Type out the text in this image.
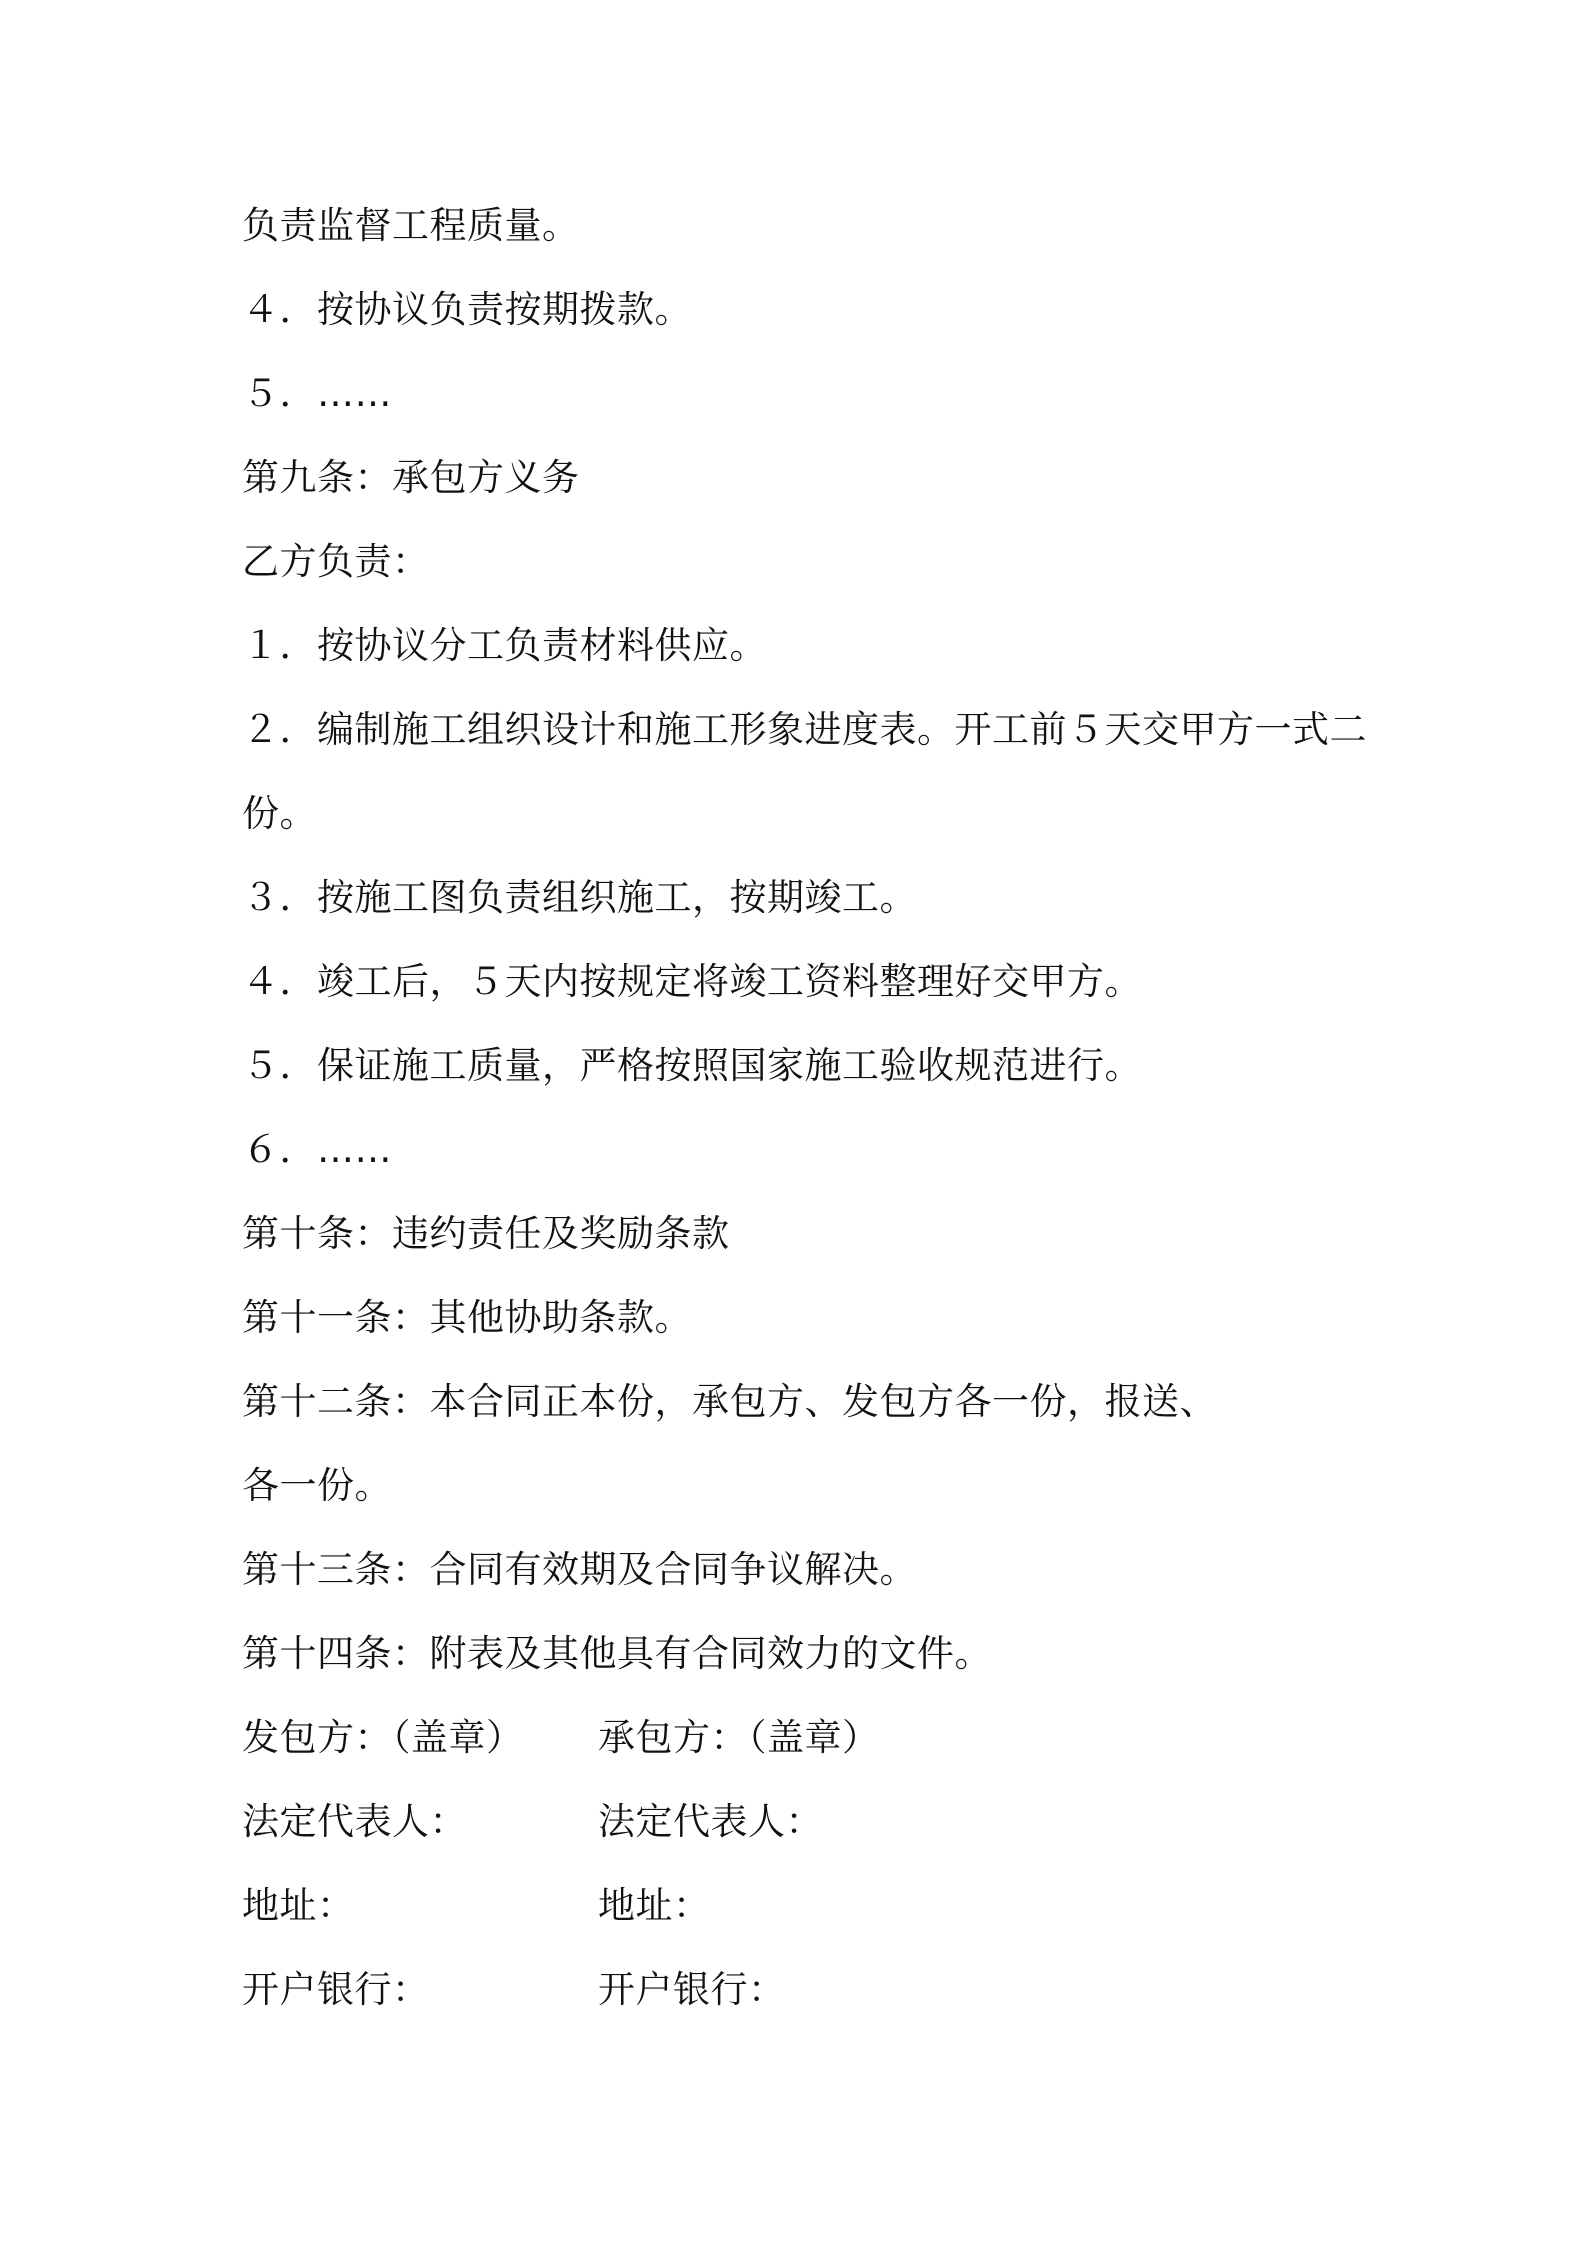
负责监督工程质量。
４．按协议负责按期拨款。
５．……
第九条：承包方义务
乙方负责：
１．按协议分工负责材料供应。
２．编制施工组织设计和施工形象进度表。开工前５天交甲方一式二
份。
３．按施工图负责组织施工，按期竣工。
４．竣工后，５天内按规定将竣工资料整理好交甲方。
５．保证施工质量，严格按照国家施工验收规范进行。
６．……
第十条：违约责任及奖励条款
第十一条：其他协助条款。
第十二条：本合同正本份，承包方、发包方各一份，报送、
各一份。
第十三条：合同有效期及合同争议解决。
第十四条：附表及其他具有合同效力的文件。
发包方：（盖章） 承包方：（盖章）
法定代表人：	法定代表人：
地址：	地址：
开户银行：	开户银行：
